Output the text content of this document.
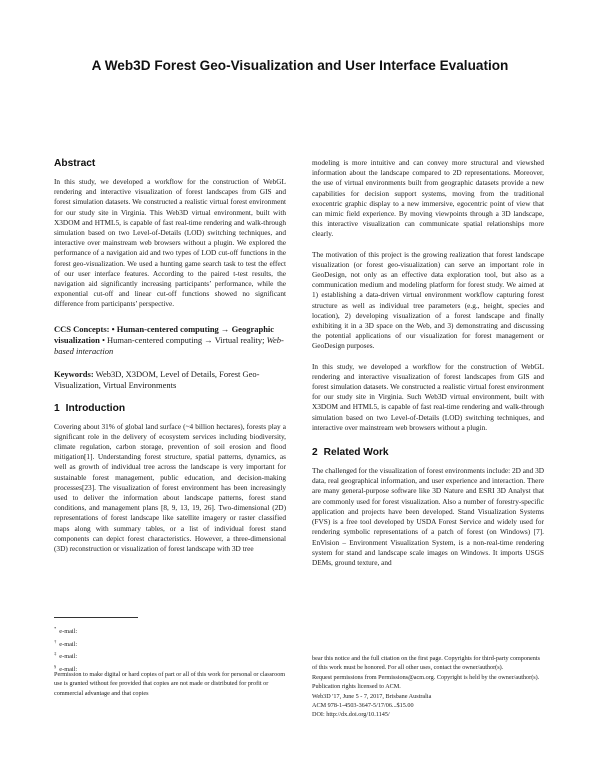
A Web3D Forest Geo-Visualization and User Interface Evaluation
Abstract

In this study, we developed a workflow for the construction of WebGL rendering and interactive visualization of forest landscapes from GIS and forest simulation datasets. We constructed a realistic virtual forest environment for our study site in Virginia. This Web3D virtual environment, built with X3DOM and HTML5, is capable of fast real-time rendering and walk-through simulation based on two Level-of-Details (LOD) switching techniques, and interactive over mainstream web browsers without a plugin. We explored the performance of a navigation aid and two types of LOD cut-off functions in the forest geo-visualization. We used a hunting game search task to test the effect of our user interface features. According to the paired t-test results, the navigation aid significantly increasing participants’ performance, while the exponential cut-off and linear cut-off functions showed no significant difference from participants’ perspective.

CCS Concepts: • Human-centered computing → Geographic visualization • Human-centered computing → Virtual reality; Web-based interaction

Keywords: Web3D, X3DOM, Level of Details, Forest Geo-Visualization, Virtual Environments

1 Introduction

Covering about 31% of global land surface (~4 billion hectares), forests play a significant role in the delivery of ecosystem services including biodiversity, climate regulation, carbon storage, prevention of soil erosion and flood mitigation[1]. Understanding forest structure, spatial patterns, dynamics, as well as growth of individual tree across the landscape is very important for sustainable forest management, public education, and decision-making processes[23]. The visualization of forest environment has been increasingly used to deliver the information about landscape patterns, forest stand conditions, and management plans [8, 9, 13, 19, 26]. Two-dimensional (2D) representations of forest landscape like satellite imagery or raster classified maps along with summary tables, or a list of individual forest stand components can depict forest characteristics. However, a three-dimensional (3D) reconstruction or visualization of forest landscape with 3D tree

* e-mail:
† e-mail:
‡ e-mail:
§ e-mail:

Permission to make digital or hard copies of part or all of this work for personal or classroom use is granted without fee provided that copies are not made or distributed for profit or commercial advantage and that copies

modeling is more intuitive and can convey more structural and viewshed information about the landscape compared to 2D representations. Moreover, the use of virtual environments built from geographic datasets provide a new capabilities for decision support systems, moving from the traditional exocentric graphic display to a new immersive, egocentric point of view that can mimic field experience. By moving viewpoints through a 3D landscape, this interactive visualization can communicate spatial relationships more clearly.

The motivation of this project is the growing realization that forest landscape visualization (or forest geo-visualization) can serve an important role in GeoDesign, not only as an effective data exploration tool, but also as a communication medium and modeling platform for forest study. We aimed at 1) establishing a data-driven virtual environment workflow capturing forest structure as well as individual tree parameters (e.g., height, species and location), 2) developing visualization of a forest landscape and finally exhibiting it in a 3D space on the Web, and 3) demonstrating and discussing the potential applications of our visualization for forest management or GeoDesign purposes.

In this study, we developed a workflow for the construction of WebGL rendering and interactive visualization of forest landscapes from GIS and forest simulation datasets. We constructed a realistic virtual forest environment for our study site in Virginia. Such Web3D virtual environment, built with X3DOM and HTML5, is capable of fast real-time rendering and walk-through simulation based on two Level-of-Details (LOD) switching techniques, and interactive over mainstream web browsers without a plugin.

2 Related Work

The challenged for the visualization of forest environments include: 2D and 3D data, real geographical information, and user experience and interaction. There are many general-purpose software like 3D Nature and ESRI 3D Analyst that are commonly used for forest visualization. Also a number of forestry-specific application and projects have been developed. Stand Visualization Systems (FVS) is a free tool developed by USDA Forest Service and widely used for rendering symbolic representations of a patch of forest (on Windows) [7]. EnVision – Environment Visualization System, is a non-real-time rendering system for stand and landscape scale images on Windows. It imports USGS DEMs, ground texture, and

bear this notice and the full citation on the first page. Copyrights for third-party components of this work must be honored. For all other uses, contact the owner/author(s).

Request permissions from Permissions@acm.org. Copyright is held by the owner/author(s). Publication rights licensed to ACM.

Web3D '17, June 5 - 7, 2017, Brisbane Australia

ACM 978-1-4503-3647-5/17/06...$15.00

DOI: http://dx.doi.org/10.1145/
